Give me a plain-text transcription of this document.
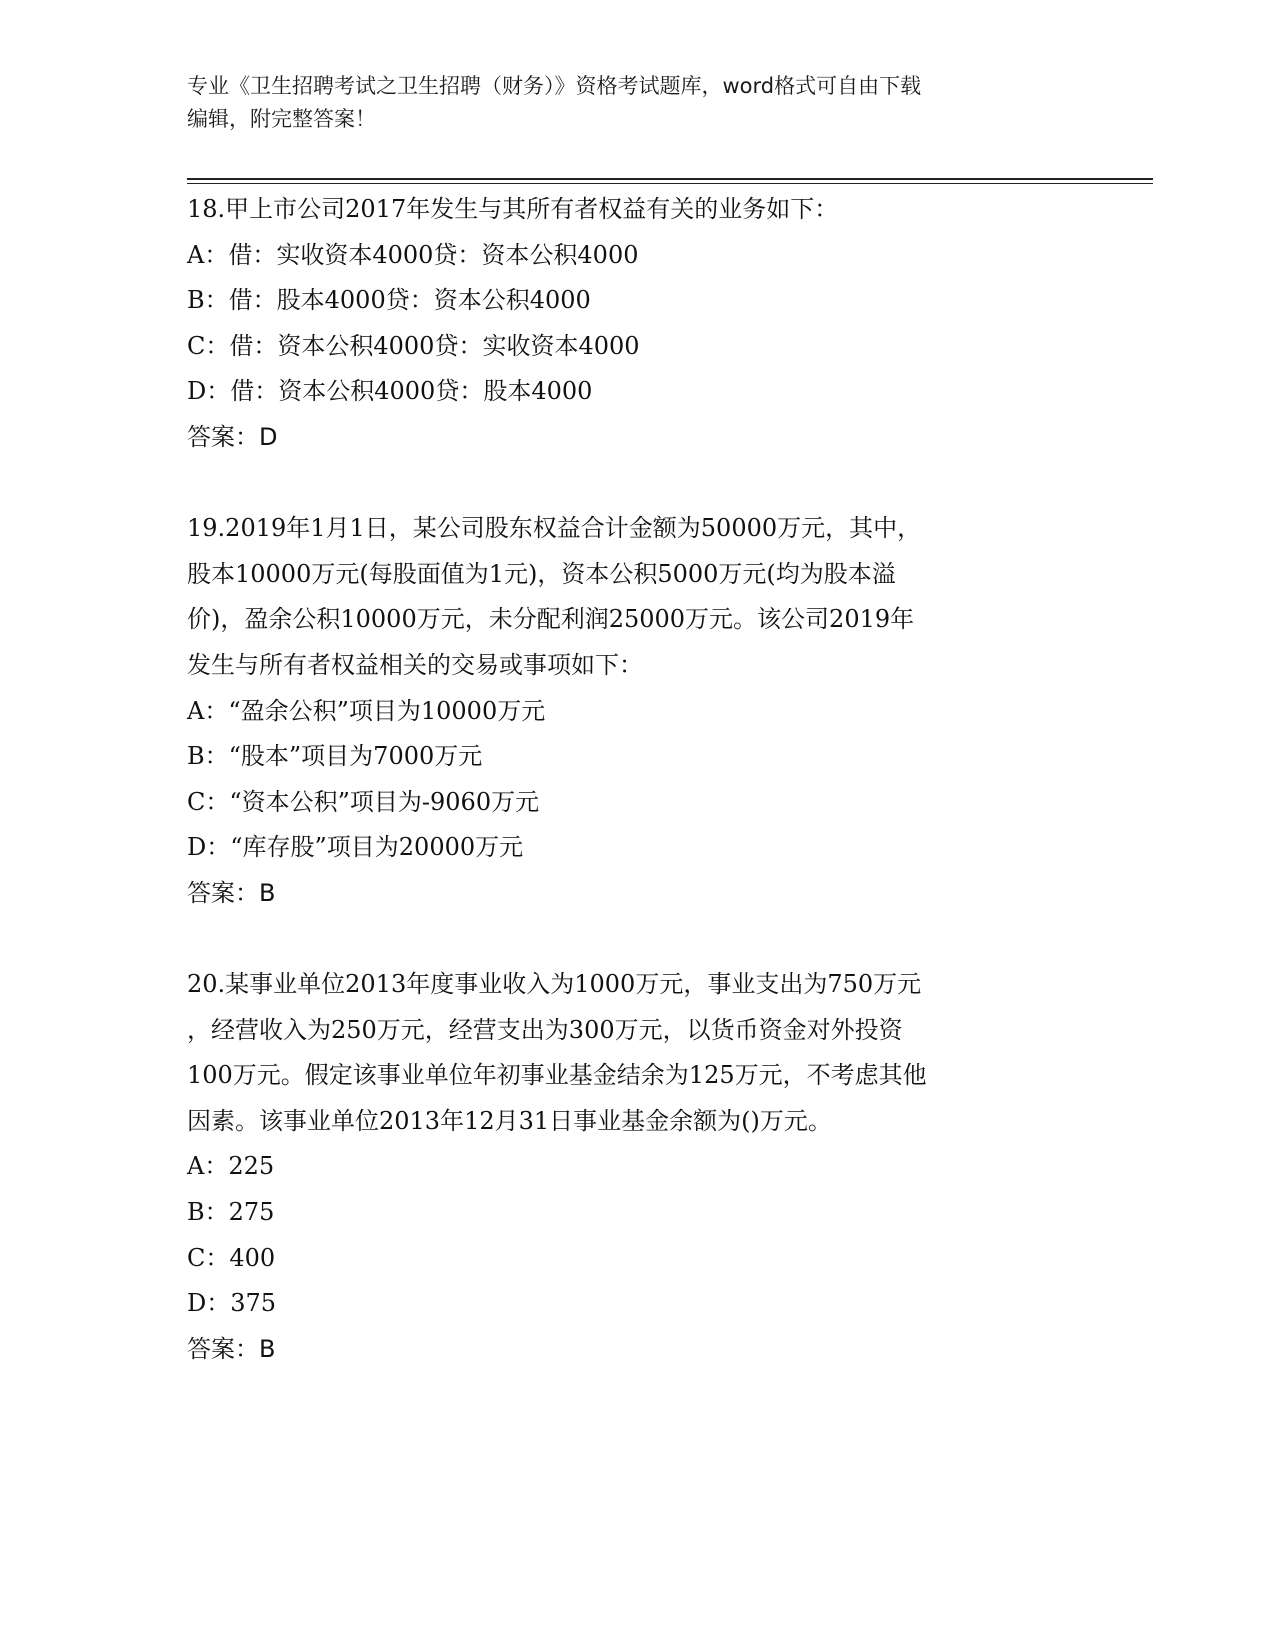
专业《卫生招聘考试之卫生招聘（财务）》资格考试题库，word格式可自由下载
编辑，附完整答案！
18.甲上市公司2017年发生与其所有者权益有关的业务如下：
A：借：实收资本4000贷：资本公积4000
B：借：股本4000贷：资本公积4000
C：借：资本公积4000贷：实收资本4000
D：借：资本公积4000贷：股本4000
答案：D
19.2019年1月1日，某公司股东权益合计金额为50000万元，其中，
股本10000万元(每股面值为1元)，资本公积5000万元(均为股本溢
价)，盈余公积10000万元，未分配利润25000万元。该公司2019年
发生与所有者权益相关的交易或事项如下：
A：“盈余公积”项目为10000万元
B：“股本”项目为7000万元
C：“资本公积”项目为-9060万元
D：“库存股”项目为20000万元
答案：B
20.某事业单位2013年度事业收入为1000万元，事业支出为750万元
，经营收入为250万元，经营支出为300万元，以货币资金对外投资
100万元。假定该事业单位年初事业基金结余为125万元，不考虑其他
因素。该事业单位2013年12月31日事业基金余额为()万元。
A：225
B：275
C：400
D：375
答案：B
